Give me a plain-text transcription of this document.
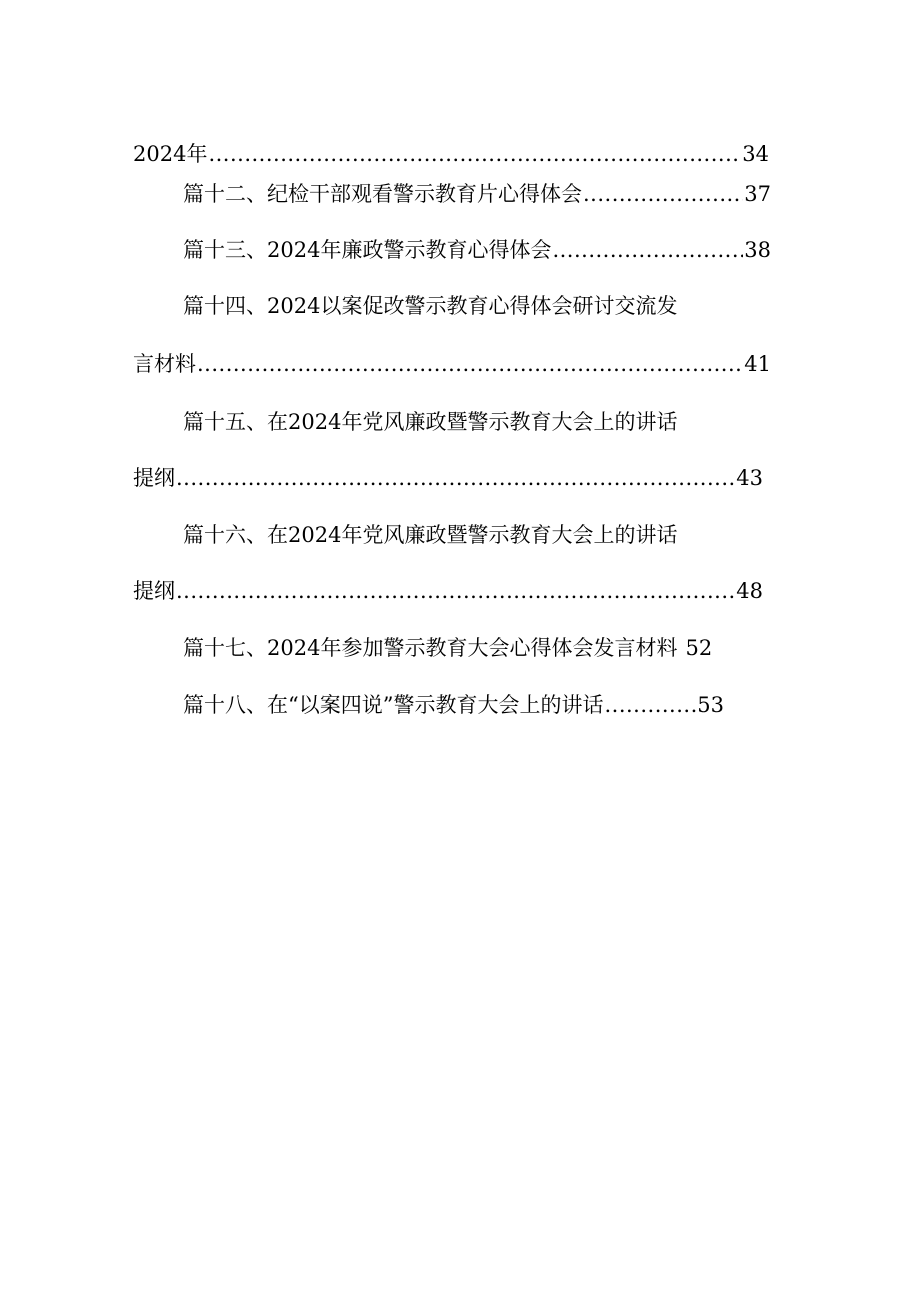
2024年 .....	34
篇十二、纪检干部观看警示教育片心得体会 .....	37
篇十三、2024年廉政警示教育心得体会 .....	38
篇十四、2024以案促改警示教育心得体会研讨交流发
言材料 .....	41
篇十五、在2024年党风廉政暨警示教育大会上的讲话
提纲 .....	43
篇十六、在2024年党风廉政暨警示教育大会上的讲话
提纲 .....	48
篇十七、2024年参加警示教育大会心得体会发言材料 52
篇十八、在“以案四说”警示教育大会上的讲话 .....	53
